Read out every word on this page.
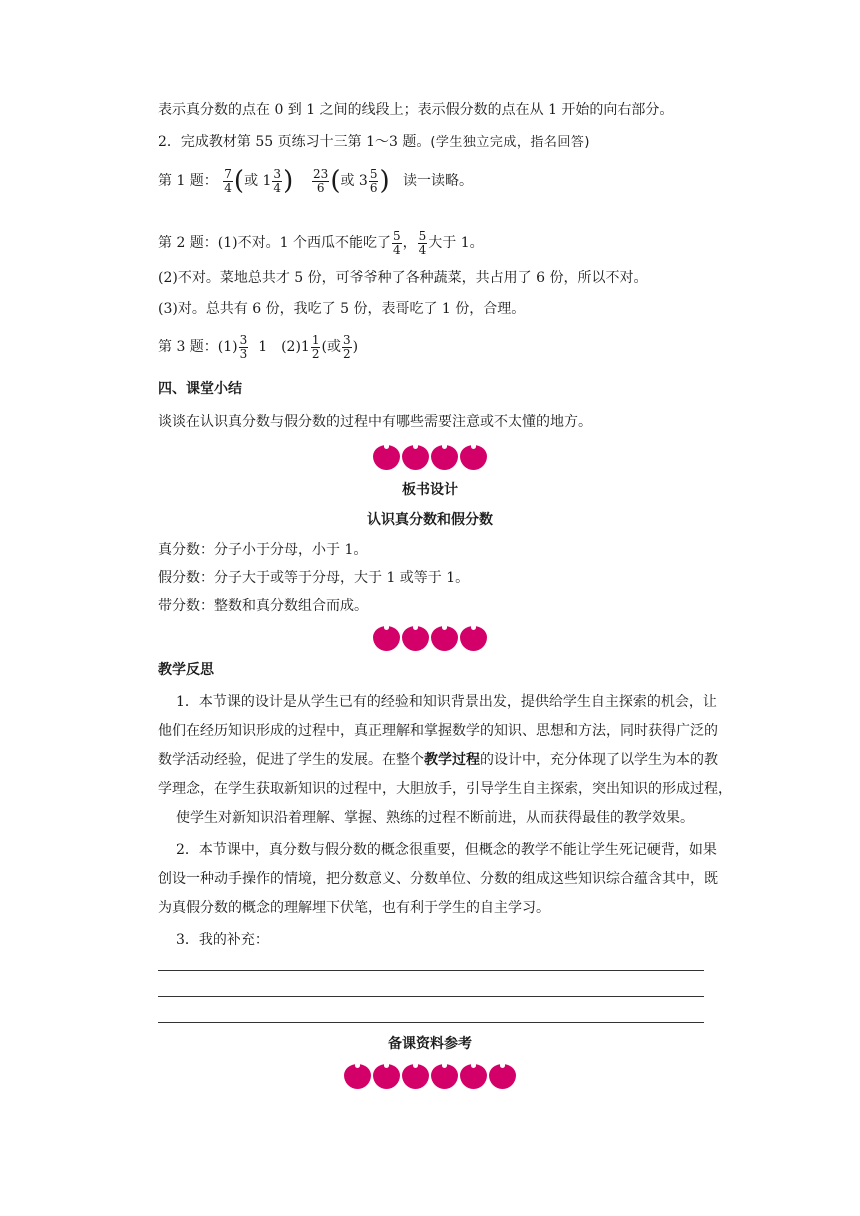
表示真分数的点在 0 到 1 之间的线段上；表示假分数的点在从 1 开始的向右部分。
2．完成教材第 55 页练习十三第 1～3 题。(学生独立完成，指名回答)
第 1 题： $\frac{7}{4}$ (或 $1 \frac{3}{4}$ ) $\frac{23}{6}$ (或 $3 \frac{5}{6}$ ) 读一读略。
第 2 题：(1)不对。1 个西瓜不能吃了 $\frac{5}{4}$ ， $\frac{5}{4}$ 大于 1。
(2)不对。菜地总共才 5 份，可爷爷种了各种蔬菜，共占用了 6 份，所以不对。
(3)对。总共有 6 份，我吃了 5 份，表哥吃了 1 份，合理。
第 3 题：$(1) \frac{3}{3} 1$　$(2)1 \frac{1}{2}$ (或 $\frac{3}{2}$ )
四、课堂小结
谈谈在认识真分数与假分数的过程中有哪些需要注意或不太懂的地方。
板书设计
认识真分数和假分数
真分数：分子小于分母，小于 1。
假分数：分子大于或等于分母，大于 1 或等于 1。
带分数：整数和真分数组合而成。
教学反思
1．本节课的设计是从学生已有的经验和知识背景出发，提供给学生自主探索的机会，让
他们在经历知识形成的过程中，真正理解和掌握数学的知识、思想和方法，同时获得广泛的
数学活动经验，促进了学生的发展。在整个教学过程的设计中，充分体现了以学生为本的教
学理念，在学生获取新知识的过程中，大胆放手，引导学生自主探索，突出知识的形成过程，
使学生对新知识沿着理解、掌握、熟练的过程不断前进，从而获得最佳的教学效果。
2．本节课中，真分数与假分数的概念很重要，但概念的教学不能让学生死记硬背，如果
创设一种动手操作的情境，把分数意义、分数单位、分数的组成这些知识综合蕴含其中，既
为真假分数的概念的理解埋下伏笔，也有利于学生的自主学习。
3．我的补充：
备课资料参考
